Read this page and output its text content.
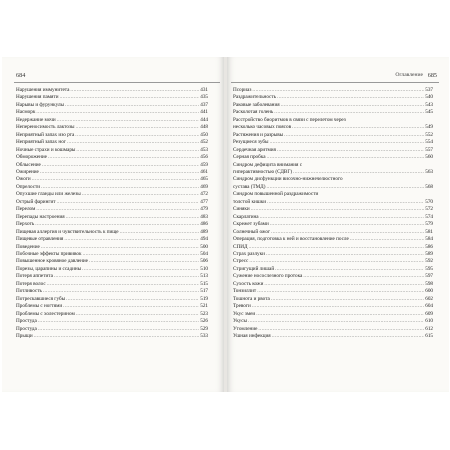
684
Нарушения иммунитета .....	431
Нарушения памяти .....	435
Нарывы и фурункулы .....	437
Насморк .....	441
Недержание мочи .....	444
Непереносимость лактозы .....	448
Неприятный запах изо рта .....	450
Неприятный запах ног .....	452
Ночные страхи и кошмары .....	453
Обморожение .....	456
Облысение .....	459
Ожирение .....	461
Ожоги .....	465
Опрелости .....	469
Опухшие гланды или железы .....	472
Острый фарингит .....	477
Перелом .....	479
Перепады настроения .....	483
Перхоть .....	486
Пищевая аллергия и чувствительность к пище .....	489
Пищевые отравления .....	494
Поведение .....	500
Побочные эффекты прививок .....	504
Повышенное кровяное давление .....	506
Порезы, царапины и ссадины .....	510
Потеря аппетита .....	513
Потеря волос .....	515
Потливость .....	517
Потрескавшиеся губы .....	519
Проблемы с ногтями .....	521
Проблемы с холестерином .....	523
Простуда .....	526
Простуда .....	529
Прыщи .....	533
Оглавление 685
Псориаз .....	537
Раздражительность .....	540
Раковые заболевания .....	543
Расколотая голень .....	545
Расстройство биоритмов в связи с перелетом через
несколько часовых поясов .....	549
Растяжения и разрывы .....	552
Резущиеся зубы .....	554
Сердечная аритмия .....	557
Серная пробка .....	560
Синдром дефицита внимания с
гиперактивностью (СДВГ) .....	563
Синдром дисфункции височно-нижнечелюстного
сустава (ТМД) .....	568
Синдром повышенной раздражимости
толстой кишки .....	570
Синяки .....	572
Скарлатина .....	574
Скрежет зубами .....	579
Солнечный ожог .....	581
Операция, подготовка к ней и восстановление после .....	584
СПИД .....	586
Страх разлуки .....	589
Стресс .....	592
Стригущий лишай .....	595
Сужение носослезного протока .....	597
Сухость кожи .....	598
Тонзиллит .....	600
Тошнота и рвота .....	602
Тревоги .....	604
Укус змеи .....	609
Укусы .....	610
Утомление .....	612
Ушная инфекция .....	615
